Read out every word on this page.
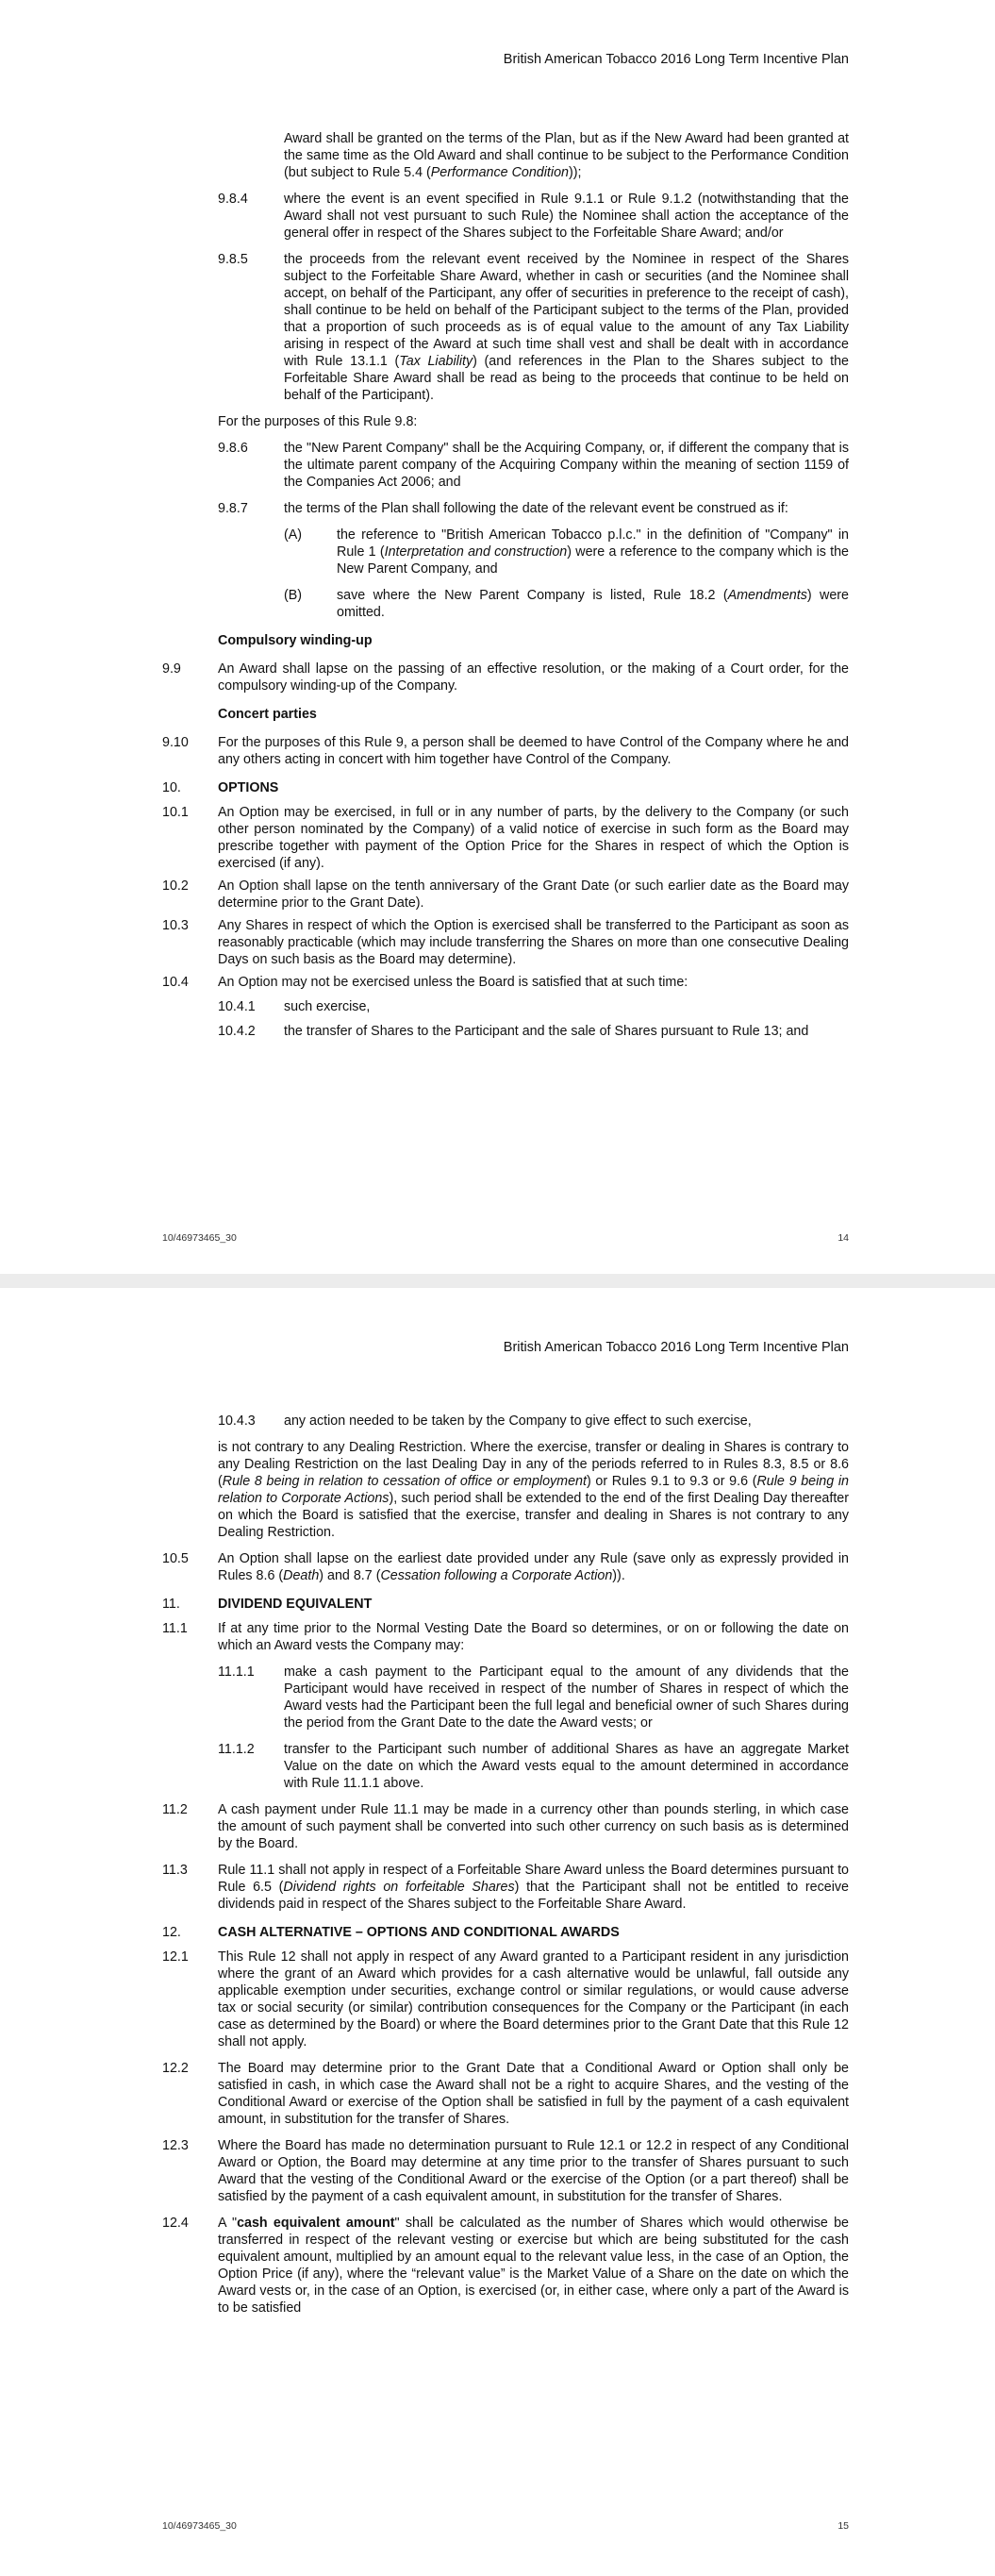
British American Tobacco 2016 Long Term Incentive Plan

Award shall be granted on the terms of the Plan, but as if the New Award had been granted at the same time as the Old Award and shall continue to be subject to the Performance Condition (but subject to Rule 5.4 (Performance Condition));

9.8.4	where the event is an event specified in Rule 9.1.1 or Rule 9.1.2 (notwithstanding that the Award shall not vest pursuant to such Rule) the Nominee shall action the acceptance of the general offer in respect of the Shares subject to the Forfeitable Share Award; and/or
9.8.5	the proceeds from the relevant event received by the Nominee in respect of the Shares subject to the Forfeitable Share Award, whether in cash or securities (and the Nominee shall accept, on behalf of the Participant, any offer of securities in preference to the receipt of cash), shall continue to be held on behalf of the Participant subject to the terms of the Plan, provided that a proportion of such proceeds as is of equal value to the amount of any Tax Liability arising in respect of the Award at such time shall vest and shall be dealt with in accordance with Rule 13.1.1 (Tax Liability) (and references in the Plan to the Shares subject to the Forfeitable Share Award shall be read as being to the proceeds that continue to be held on behalf of the Participant).

For the purposes of this Rule 9.8:

9.8.6	the "New Parent Company" shall be the Acquiring Company, or, if different the company that is the ultimate parent company of the Acquiring Company within the meaning of section 1159 of the Companies Act 2006; and
9.8.7	the terms of the Plan shall following the date of the relevant event be construed as if:
(A)	the reference to "British American Tobacco p.l.c." in the definition of "Company" in Rule 1 (Interpretation and construction) were a reference to the company which is the New Parent Company, and
(B)	save where the New Parent Company is listed, Rule 18.2 (Amendments) were omitted.

Compulsory winding-up

9.9	An Award shall lapse on the passing of an effective resolution, or the making of a Court order, for the compulsory winding-up of the Company.

Concert parties

9.10	For the purposes of this Rule 9, a person shall be deemed to have Control of the Company where he and any others acting in concert with him together have Control of the Company.
10.	OPTIONS
10.1	An Option may be exercised, in full or in any number of parts, by the delivery to the Company (or such other person nominated by the Company) of a valid notice of exercise in such form as the Board may prescribe together with payment of the Option Price for the Shares in respect of which the Option is exercised (if any).
10.2	An Option shall lapse on the tenth anniversary of the Grant Date (or such earlier date as the Board may determine prior to the Grant Date).
10.3	Any Shares in respect of which the Option is exercised shall be transferred to the Participant as soon as reasonably practicable (which may include transferring the Shares on more than one consecutive Dealing Days on such basis as the Board may determine).
10.4	An Option may not be exercised unless the Board is satisfied that at such time:
10.4.1	such exercise,
10.4.2	the transfer of Shares to the Participant and the sale of Shares pursuant to Rule 13; and
10/46973465_30	14
British American Tobacco 2016 Long Term Incentive Plan
10.4.3	any action needed to be taken by the Company to give effect to such exercise,

is not contrary to any Dealing Restriction. Where the exercise, transfer or dealing in Shares is contrary to any Dealing Restriction on the last Dealing Day in any of the periods referred to in Rules 8.3, 8.5 or 8.6 (Rule 8 being in relation to cessation of office or employment) or Rules 9.1 to 9.3 or 9.6 (Rule 9 being in relation to Corporate Actions), such period shall be extended to the end of the first Dealing Day thereafter on which the Board is satisfied that the exercise, transfer and dealing in Shares is not contrary to any Dealing Restriction.

10.5	An Option shall lapse on the earliest date provided under any Rule (save only as expressly provided in Rules 8.6 (Death) and 8.7 (Cessation following a Corporate Action)).
11.	DIVIDEND EQUIVALENT
11.1	If at any time prior to the Normal Vesting Date the Board so determines, or on or following the date on which an Award vests the Company may:
11.1.1	make a cash payment to the Participant equal to the amount of any dividends that the Participant would have received in respect of the number of Shares in respect of which the Award vests had the Participant been the full legal and beneficial owner of such Shares during the period from the Grant Date to the date the Award vests; or
11.1.2	transfer to the Participant such number of additional Shares as have an aggregate Market Value on the date on which the Award vests equal to the amount determined in accordance with Rule 11.1.1 above.
11.2	A cash payment under Rule 11.1 may be made in a currency other than pounds sterling, in which case the amount of such payment shall be converted into such other currency on such basis as is determined by the Board.
11.3	Rule 11.1 shall not apply in respect of a Forfeitable Share Award unless the Board determines pursuant to Rule 6.5 (Dividend rights on forfeitable Shares) that the Participant shall not be entitled to receive dividends paid in respect of the Shares subject to the Forfeitable Share Award.
12.	CASH ALTERNATIVE – OPTIONS AND CONDITIONAL AWARDS
12.1	This Rule 12 shall not apply in respect of any Award granted to a Participant resident in any jurisdiction where the grant of an Award which provides for a cash alternative would be unlawful, fall outside any applicable exemption under securities, exchange control or similar regulations, or would cause adverse tax or social security (or similar) contribution consequences for the Company or the Participant (in each case as determined by the Board) or where the Board determines prior to the Grant Date that this Rule 12 shall not apply.
12.2	The Board may determine prior to the Grant Date that a Conditional Award or Option shall only be satisfied in cash, in which case the Award shall not be a right to acquire Shares, and the vesting of the Conditional Award or exercise of the Option shall be satisfied in full by the payment of a cash equivalent amount, in substitution for the transfer of Shares.
12.3	Where the Board has made no determination pursuant to Rule 12.1 or 12.2 in respect of any Conditional Award or Option, the Board may determine at any time prior to the transfer of Shares pursuant to such Award that the vesting of the Conditional Award or the exercise of the Option (or a part thereof) shall be satisfied by the payment of a cash equivalent amount, in substitution for the transfer of Shares.
12.4	A "cash equivalent amount" shall be calculated as the number of Shares which would otherwise be transferred in respect of the relevant vesting or exercise but which are being substituted for the cash equivalent amount, multiplied by an amount equal to the relevant value less, in the case of an Option, the Option Price (if any), where the “relevant value” is the Market Value of a Share on the date on which the Award vests or, in the case of an Option, is exercised (or, in either case, where only a part of the Award is to be satisfied
10/46973465_30	15
